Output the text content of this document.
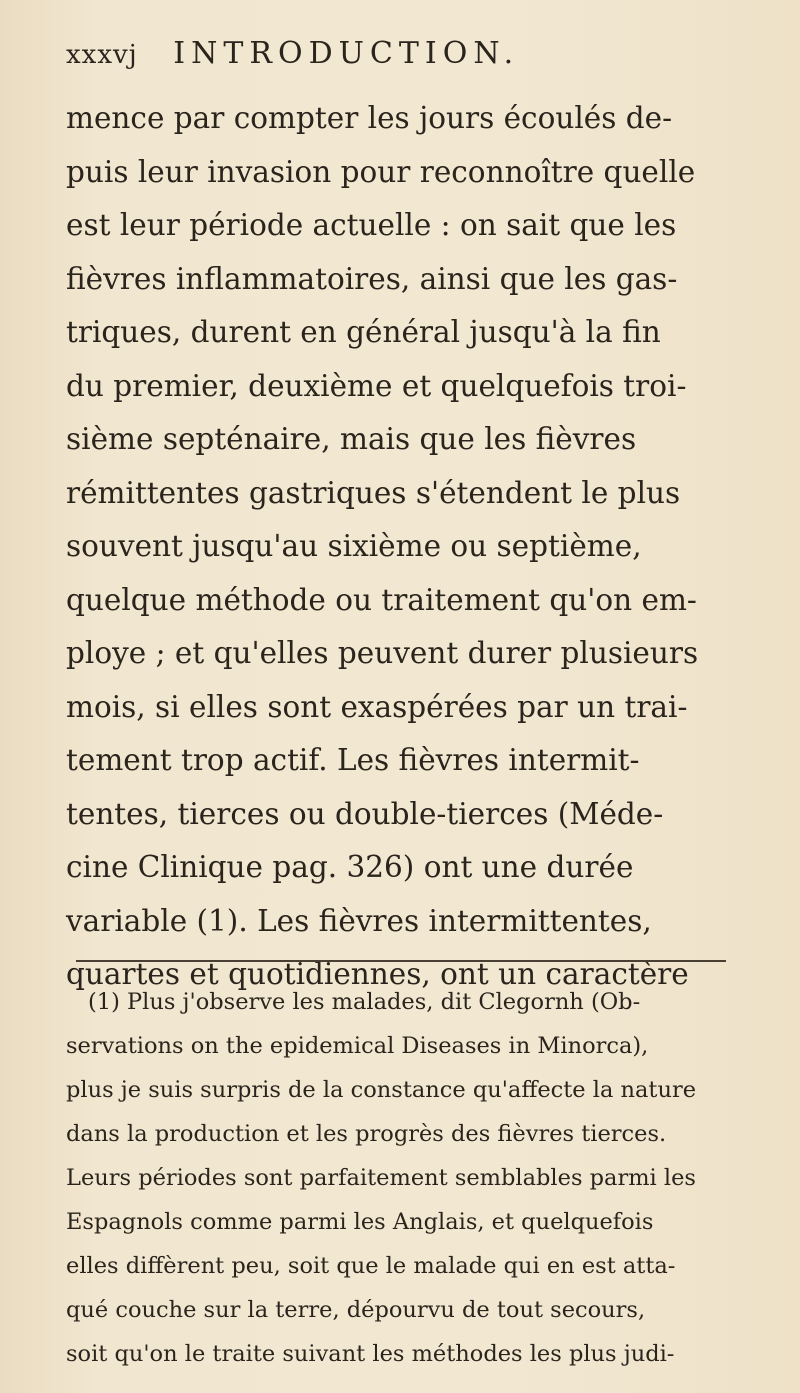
xxxvj INTRODUCTION.
mence par compter les jours écoulés de-
puis leur invasion pour reconnoître quelle
est leur période actuelle : on sait que les
fièvres inflammatoires, ainsi que les gas-
triques, durent en général jusqu'à la fin
du premier, deuxième et quelquefois troi-
sième septénaire, mais que les fièvres
rémittentes gastriques s'étendent le plus
souvent jusqu'au sixième ou septième,
quelque méthode ou traitement qu'on em-
ploye ; et qu'elles peuvent durer plusieurs
mois, si elles sont exaspérées par un trai-
tement trop actif. Les fièvres intermit-
tentes, tierces ou double-tierces (Méde-
cine Clinique pag. 326) ont une durée
variable (1). Les fièvres intermittentes,
quartes et quotidiennes, ont un caractère
(1) Plus j'observe les malades, dit Clegornh (Ob-
servations on the epidemical Diseases in Minorca),
plus je suis surpris de la constance qu'affecte la nature
dans la production et les progrès des fièvres tierces.
Leurs périodes sont parfaitement semblables parmi les
Espagnols comme parmi les Anglais, et quelquefois
elles diffèrent peu, soit que le malade qui en est atta-
qué couche sur la terre, dépourvu de tout secours,
soit qu'on le traite suivant les méthodes les plus judi-
